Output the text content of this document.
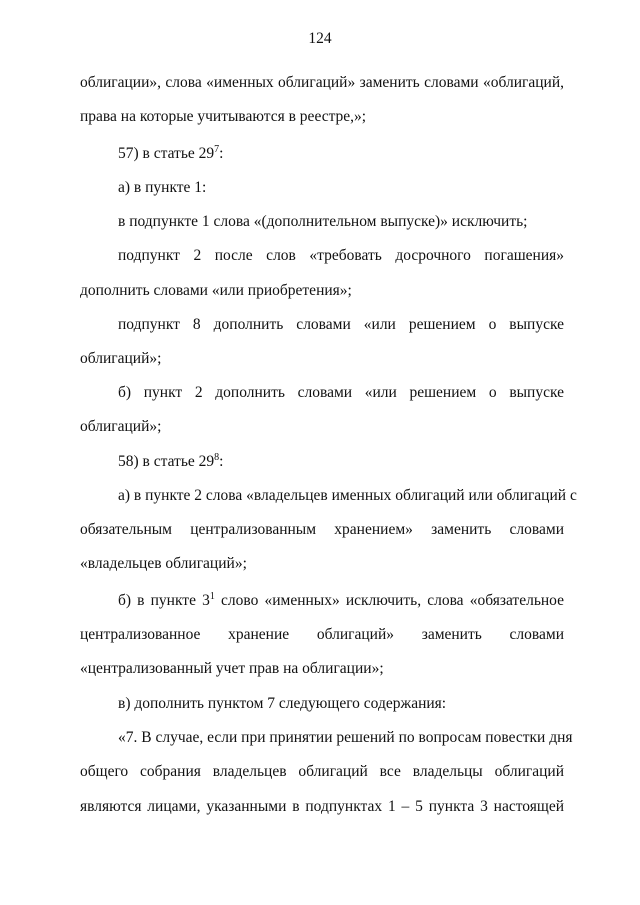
124
облигации», слова «именных облигаций» заменить словами «облигаций,
права на которые учитываются в реестре,»;
57) в статье $29^7$:
а) в пункте 1:
в подпункте 1 слова «(дополнительном выпуске)» исключить;
подпункт 2 после слов «требовать досрочного погашения»
дополнить словами «или приобретения»;
подпункт 8 дополнить словами «или решением о выпуске
облигаций»;
б) пункт 2 дополнить словами «или решением о выпуске
облигаций»;
58) в статье $29^8$:
а) в пункте 2 слова «владельцев именных облигаций или облигаций с
обязательным централизованным хранением» заменить словами
«владельцев облигаций»;
б) в пункте $3^1$ слово «именных» исключить, слова «обязательное
централизованное хранение облигаций» заменить словами
«централизованный учет прав на облигации»;
в) дополнить пунктом 7 следующего содержания:
«7. В случае, если при принятии решений по вопросам повестки дня
общего собрания владельцев облигаций все владельцы облигаций
являются лицами, указанными в подпунктах 1 – 5 пункта 3 настоящей
